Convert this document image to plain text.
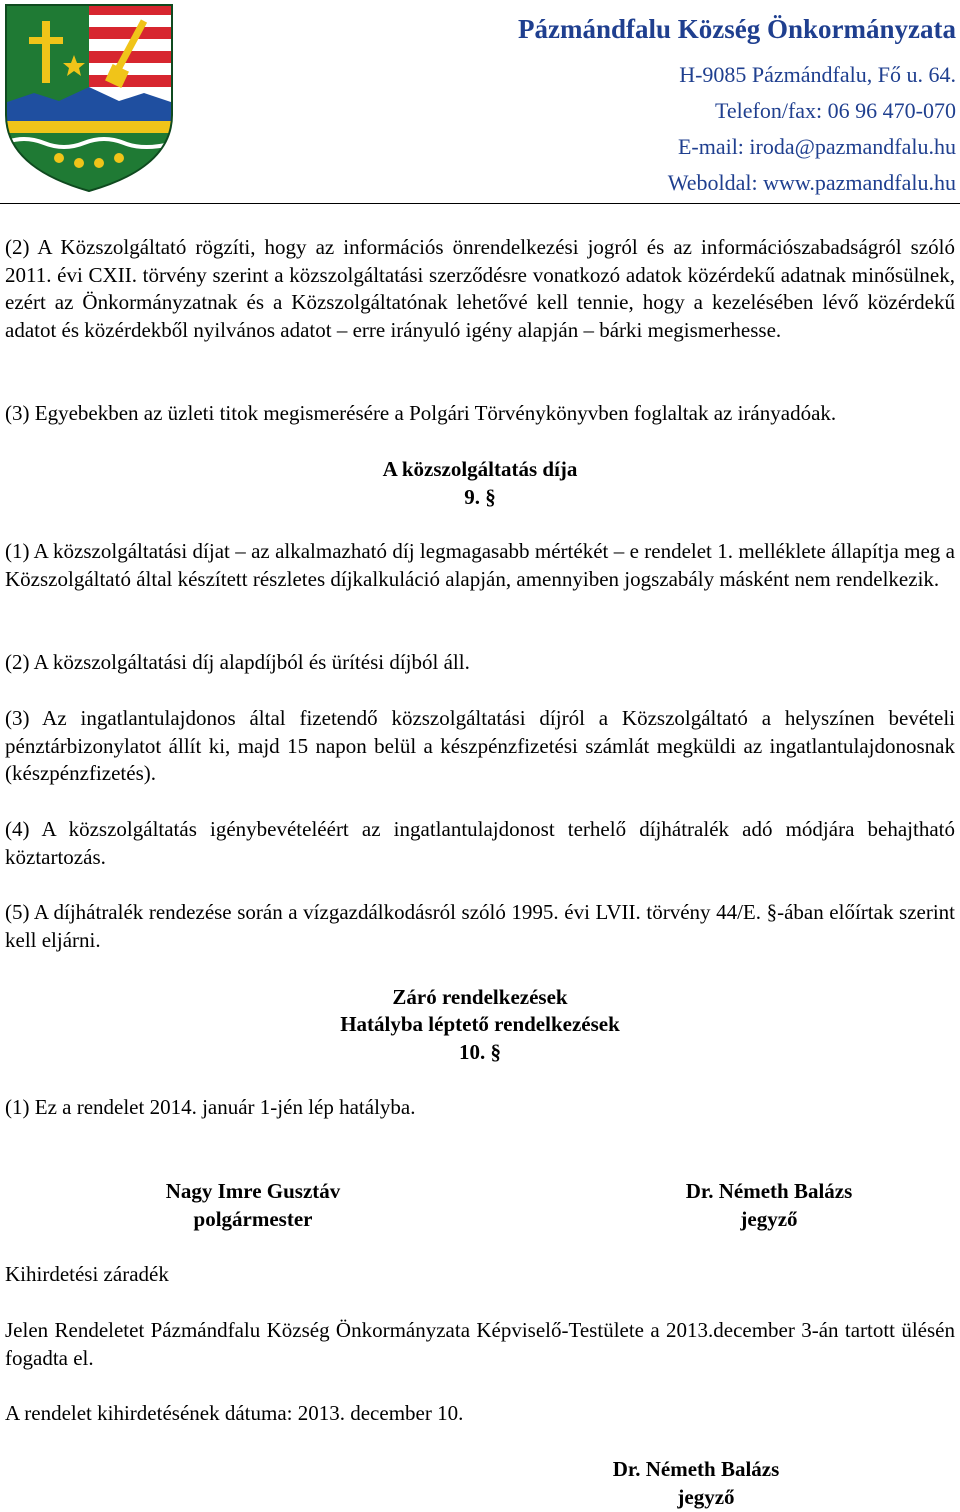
Pázmándfalu Község Önkormányzata
H-9085 Pázmándfalu, Fő u. 64.
Telefon/fax: 06 96 470-070
E-mail: iroda@pazmandfalu.hu
Weboldal: www.pazmandfalu.hu
(2) A Közszolgáltató rögzíti, hogy az információs önrendelkezési jogról és az információszabadságról szóló 2011. évi CXII. törvény szerint a közszolgáltatási szerződésre vonatkozó adatok közérdekű adatnak minősülnek, ezért az Önkormányzatnak és a Közszolgáltatónak lehetővé kell tennie, hogy a kezelésében lévő közérdekű adatot és közérdekből nyilvános adatot – erre irányuló igény alapján – bárki megismerhesse.
(3) Egyebekben az üzleti titok megismerésére a Polgári Törvénykönyvben foglaltak az irányadóak.
A közszolgáltatás díja
9. §
(1) A közszolgáltatási díjat – az alkalmazható díj legmagasabb mértékét – e rendelet 1. melléklete állapítja meg a Közszolgáltató által készített részletes díjkalkuláció alapján, amennyiben jogszabály másként nem rendelkezik.
(2) A közszolgáltatási díj alapdíjból és ürítési díjból áll.
(3) Az ingatlantulajdonos által fizetendő közszolgáltatási díjról a Közszolgáltató a helyszínen bevételi pénztárbizonylatot állít ki, majd 15 napon belül a készpénzfizetési számlát megküldi az ingatlantulajdonosnak (készpénzfizetés).
(4) A közszolgáltatás igénybevételéért az ingatlantulajdonost terhelő díjhátralék adó módjára behajtható köztartozás.
(5) A díjhátralék rendezése során a vízgazdálkodásról szóló 1995. évi LVII. törvény 44/E. §-ában előírtak szerint kell eljárni.
Záró rendelkezések
Hatályba léptető rendelkezések
10. §
(1) Ez a rendelet 2014. január 1-jén lép hatályba.
Nagy Imre Gusztáv
polgármester
Dr. Németh Balázs
jegyző
Kihirdetési záradék
Jelen Rendeletet Pázmándfalu Község Önkormányzata Képviselő-Testülete a 2013.december 3-án tartott ülésén fogadta el.
A rendelet kihirdetésének dátuma: 2013. december 10.
Dr. Németh Balázs
jegyző
